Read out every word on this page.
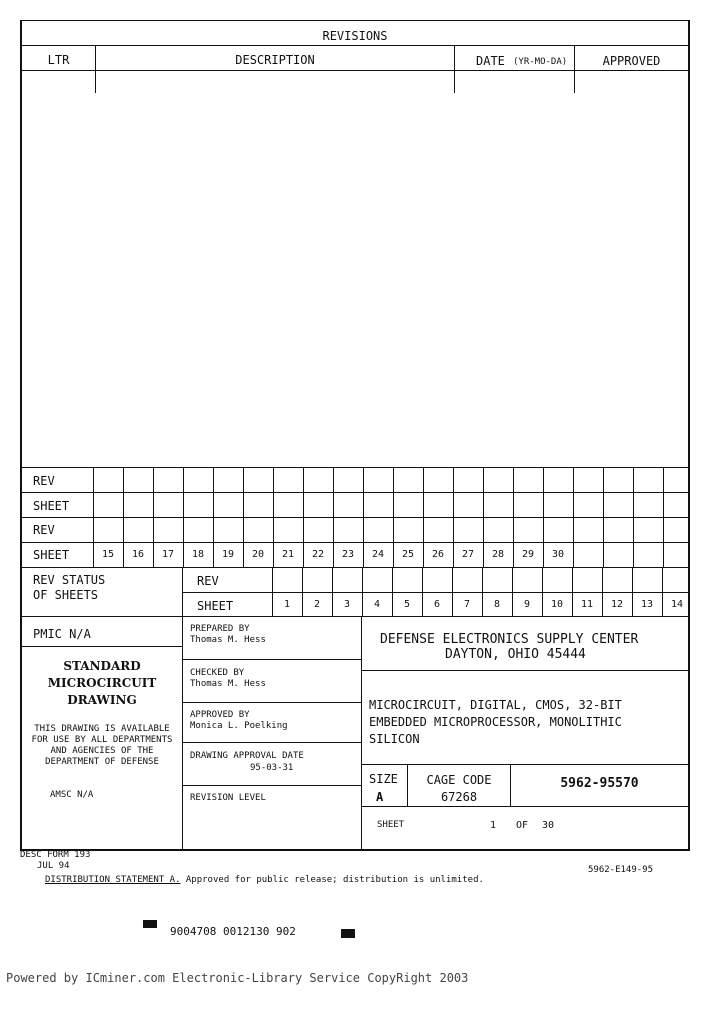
REVISIONS
LTR	DESCRIPTION	DATE (YR-MO-DA)	APPROVED
REV
SHEET
REV
SHEET	15	16	17	18	19	20	21	22	23	24	25	26	27	28	29	30
REV STATUS
OF SHEETS
REV
SHEET	1	2	3	4	5	6	7	8	9	10	11	12	13	14
PMIC N/A
STANDARD
MICROCIRCUIT
DRAWING
THIS DRAWING IS AVAILABLE
FOR USE BY ALL DEPARTMENTS
AND AGENCIES OF THE
DEPARTMENT OF DEFENSE
AMSC N/A
PREPARED BY
Thomas M. Hess
CHECKED BY
Thomas M. Hess
APPROVED BY
Monica L. Poelking
DRAWING APPROVAL DATE
95-03-31
REVISION LEVEL
DEFENSE ELECTRONICS SUPPLY CENTER
DAYTON, OHIO 45444
MICROCIRCUIT, DIGITAL, CMOS, 32-BIT
EMBEDDED MICROPROCESSOR, MONOLITHIC
SILICON
SIZE
A
CAGE CODE
67268
5962-95570
SHEET	1 OF 30
DESC FORM 193
JUL 94
DISTRIBUTION STATEMENT A. Approved for public release; distribution is unlimited.
5962-E149-95
9004708 0012130 902
Powered by ICminer.com Electronic-Library Service CopyRight 2003
